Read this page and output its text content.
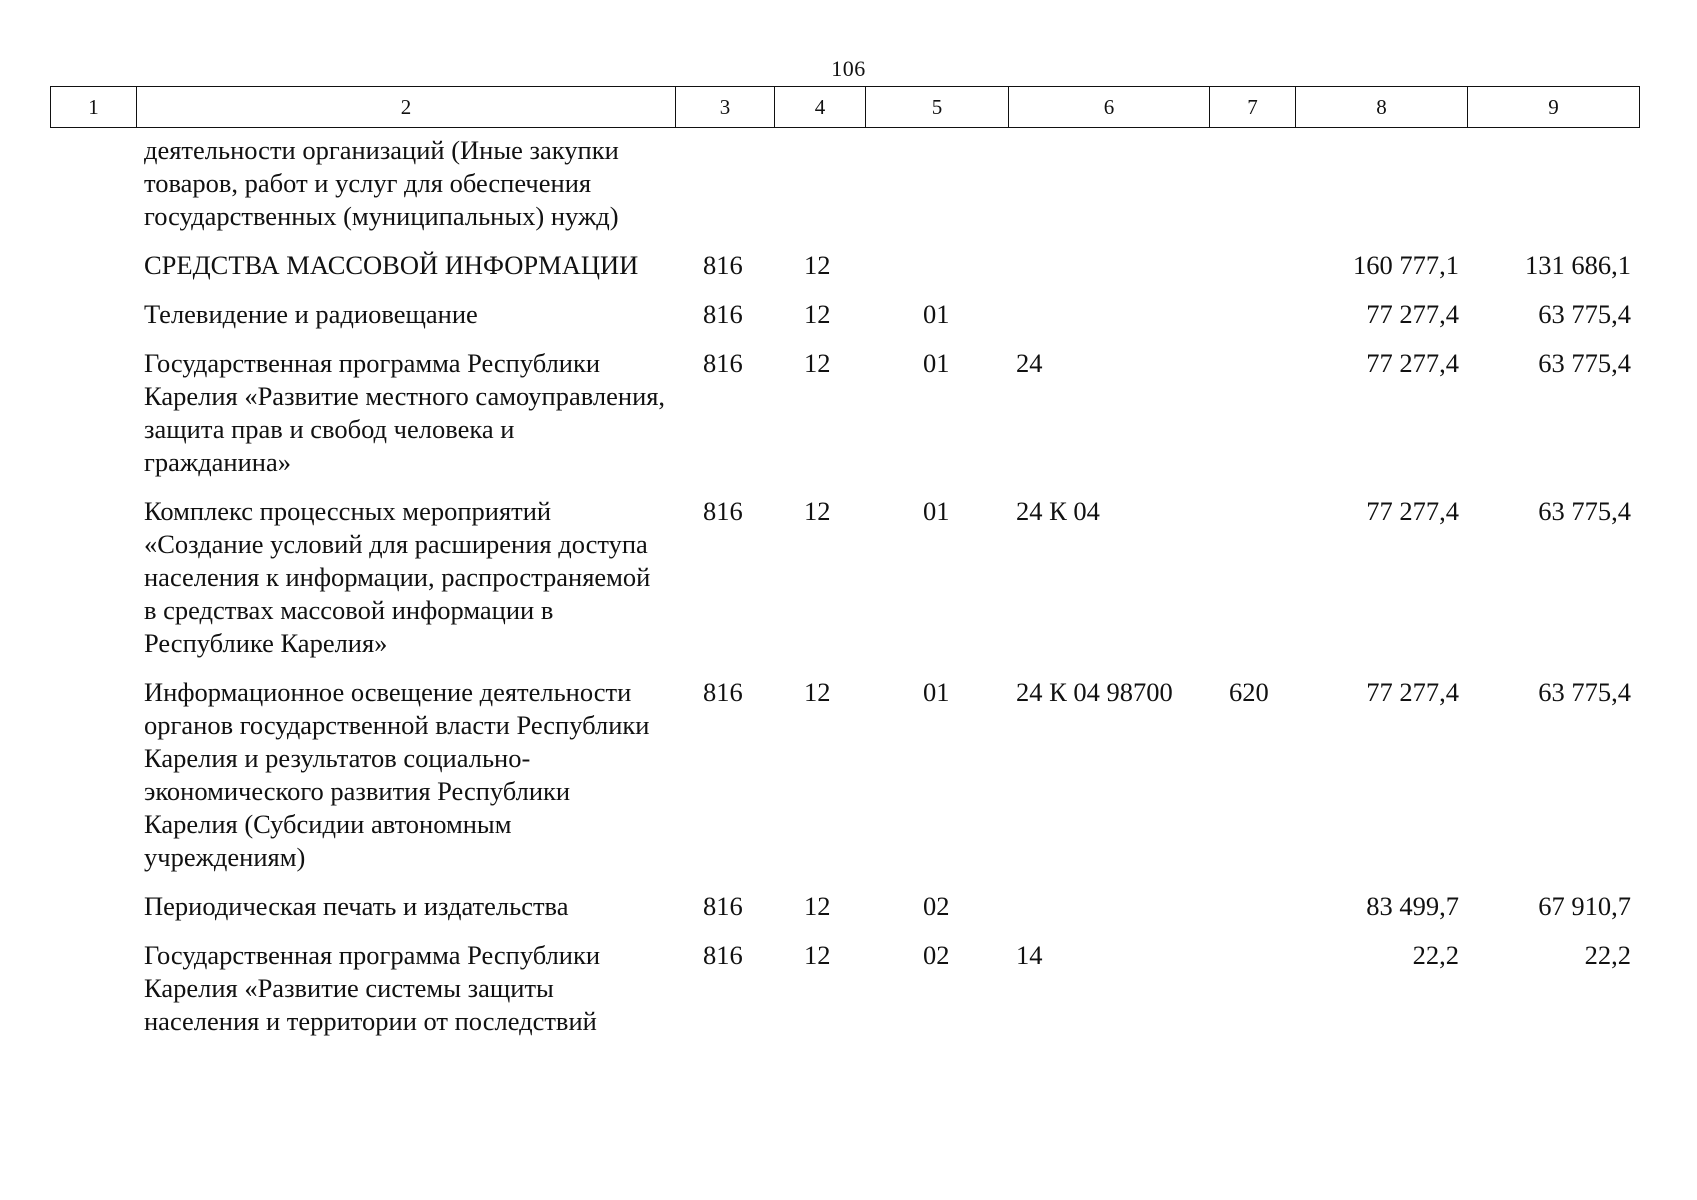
106
1	2	3	4	5	6	7	8	9
	деятельности организаций (Иные закупки товаров, работ и услуг для обеспечения государственных (муниципальных) нужд)							
	СРЕДСТВА МАССОВОЙ ИНФОРМАЦИИ	816	12				160 777,1	131 686,1
	Телевидение и радиовещание	816	12	01			77 277,4	63 775,4
	Государственная программа Республики Карелия «Развитие местного самоуправления, защита прав и свобод человека и гражданина»	816	12	01	24		77 277,4	63 775,4
	Комплекс процессных мероприятий «Создание условий для расширения доступа населения к информации, распространяемой в средствах массовой информации в Республике Карелия»	816	12	01	24 К 04		77 277,4	63 775,4
	Информационное освещение деятельности органов государственной власти Республики Карелия и результатов социально-экономического развития Республики Карелия (Субсидии автономным учреждениям)	816	12	01	24 К 04 98700	620	77 277,4	63 775,4
	Периодическая печать и издательства	816	12	02			83 499,7	67 910,7
	Государственная программа Республики Карелия «Развитие системы защиты населения и территории от последствий	816	12	02	14		22,2	22,2
